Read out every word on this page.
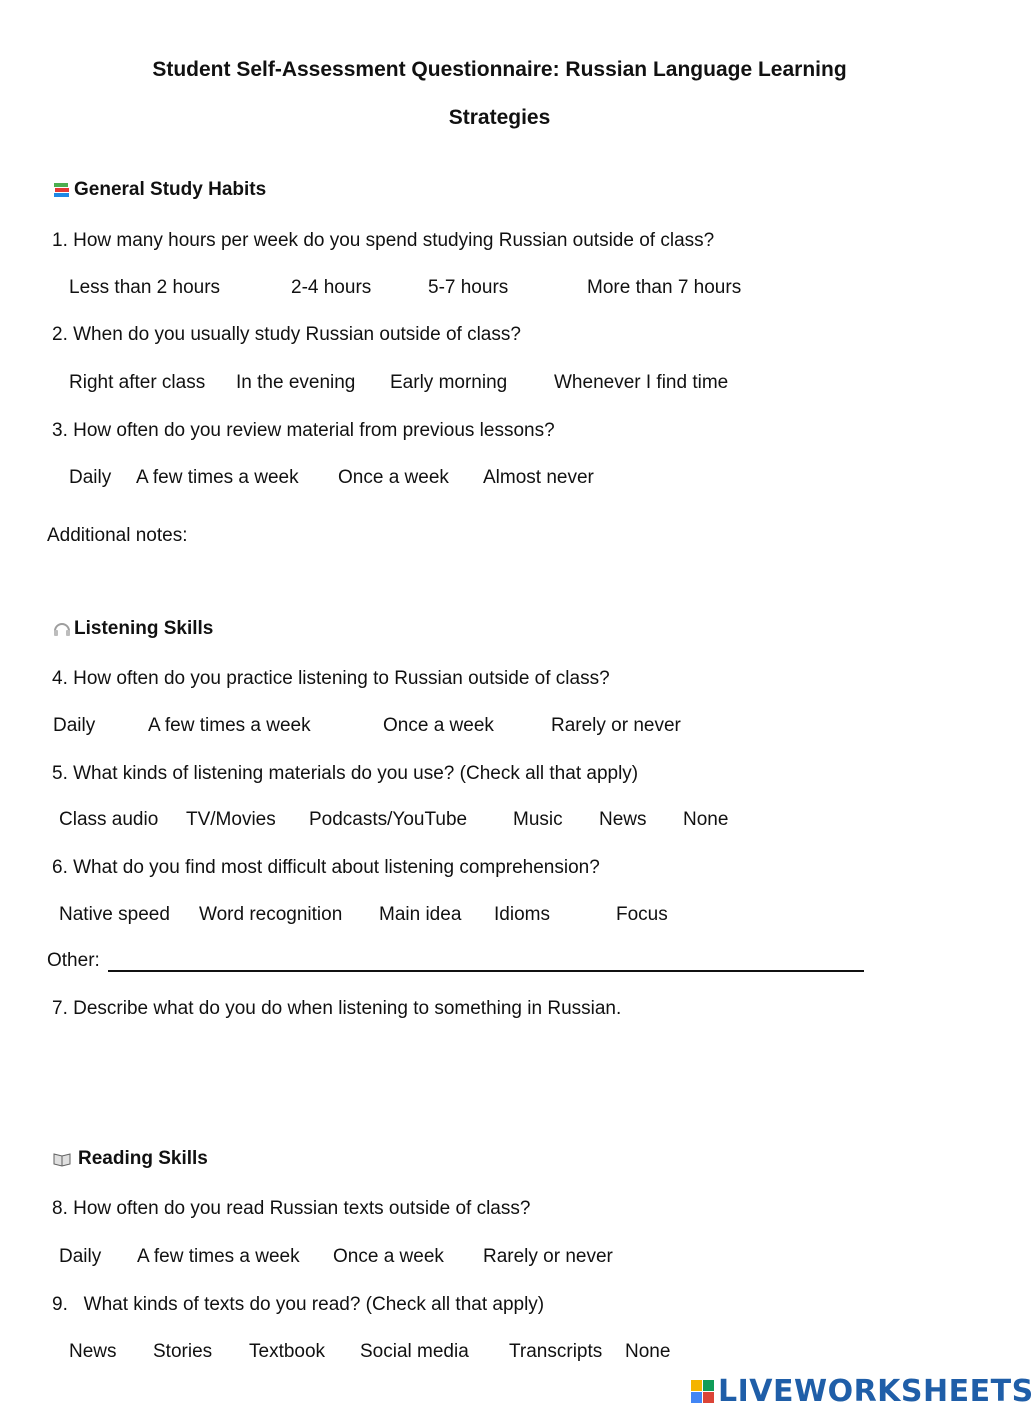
Student Self-Assessment Questionnaire: Russian Language Learning
Strategies
General Study Habits
1. How many hours per week do you spend studying Russian outside of class?
Less than 2 hours	2-4 hours	5-7 hours	More than 7 hours
2. When do you usually study Russian outside of class?
Right after class In the evening Early morning Whenever I find time
3. How often do you review material from previous lessons?
Daily A few times a week Once a week Almost never
Additional notes:
Listening Skills
4. How often do you practice listening to Russian outside of class?
Daily	A few times a week	Once a week	Rarely or never
5. What kinds of listening materials do you use? (Check all that apply)
Class audio TV/Movies Podcasts/YouTube Music News None
6. What do you find most difficult about listening comprehension?
Native speed Word recognition Main idea Idioms	Focus
Other:
7. Describe what do you do when listening to something in Russian.
Reading Skills
8. How often do you read Russian texts outside of class?
Daily A few times a week Once a week Rarely or never
9.   What kinds of texts do you read? (Check all that apply)
News Stories Textbook Social media Transcripts None
LIVEWORKSHEETS
